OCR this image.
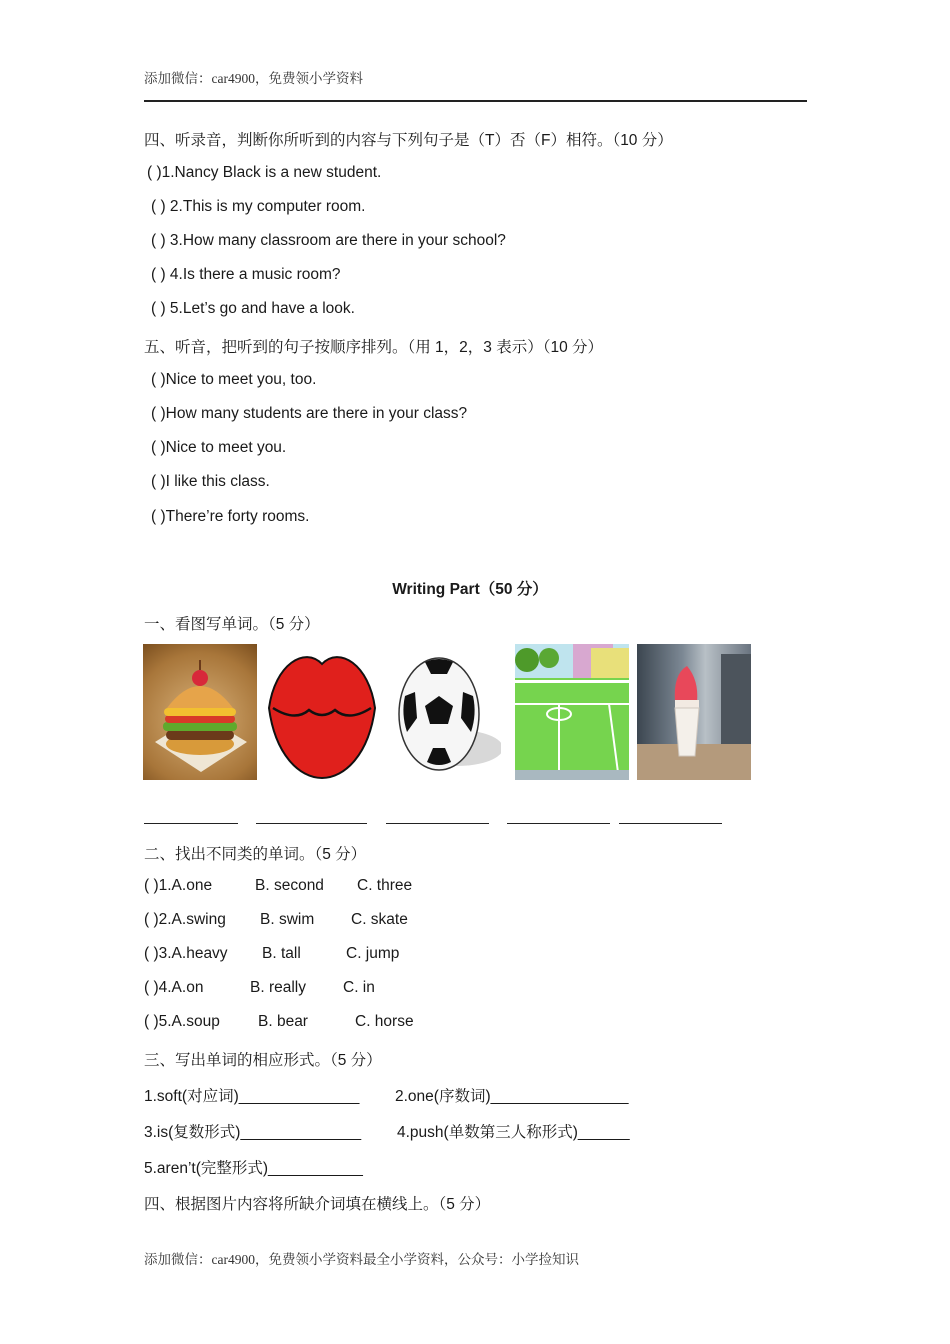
添加微信：car4900，免费领小学资料
四、听录音，判断你所听到的内容与下列句子是（T）否（F）相符。（10 分）
( )1.Nancy Black is a new student.
( ) 2.This is my computer room.
( ) 3.How many classroom are there in your school?
( ) 4.Is there a music room?
( ) 5.Let’s go and have a look.
五、听音，把听到的句子按顺序排列。（用 1，2，3 表示）（10 分）
( )Nice to meet you, too.
( )How many students are there in your class?
( )Nice to meet you.
( )I like this class.
( )There’re forty rooms.
Writing Part（50 分）
一、看图写单词。（5 分）
二、找出不同类的单词。（5 分）
( )1.A.one	B. second C. three
( )2.A.swing B. swim C. skate
( )3.A.heavy B. tall	C. jump
( )4.A.on	B. really C. in
( )5.A.soup B. bear	C. horse
三、写出单词的相应形式。（5 分）
1.soft(对应词)______________ 2.one(序数词)________________
3.is(复数形式)______________ 4.push(单数第三人称形式)______
5.aren’t(完整形式)___________
四、根据图片内容将所缺介词填在横线上。（5 分）
添加微信：car4900，免费领小学资料最全小学资料，公众号：小学捡知识
